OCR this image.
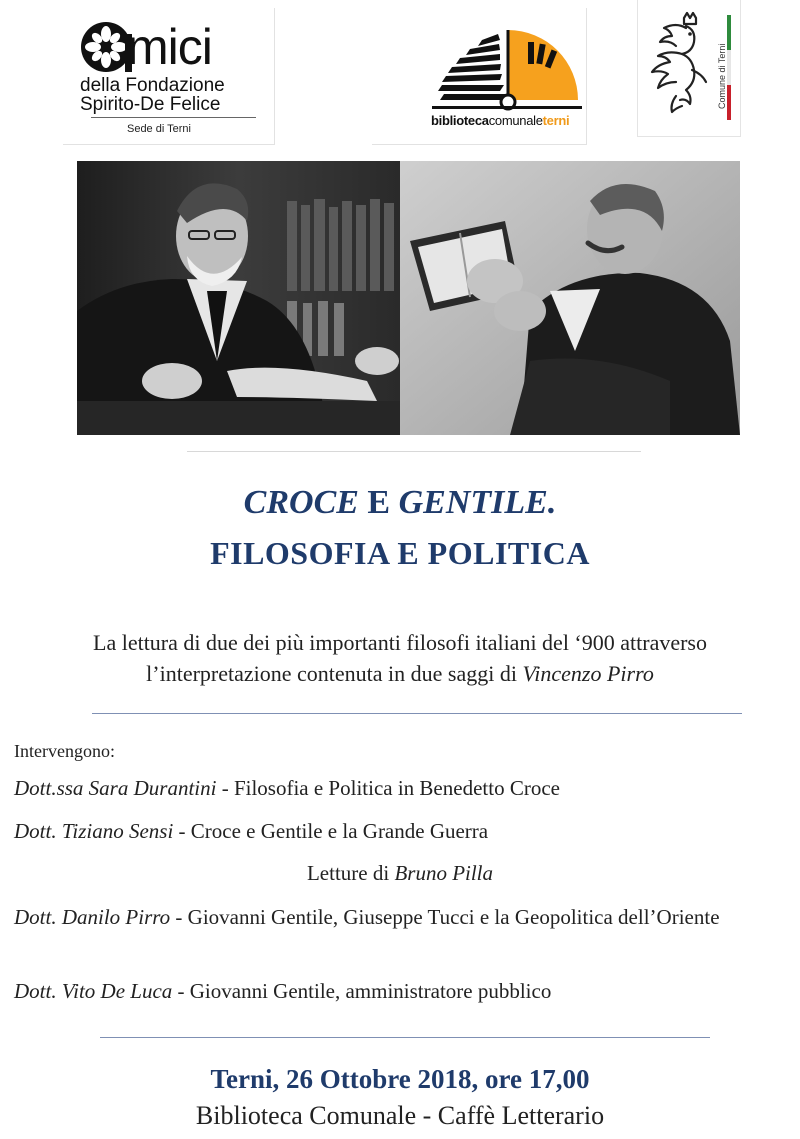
mici
della Fondazione
Spirito-De Felice
Sede di Terni
bibliotecacomunaleterni
Comune di Terni
CROCE E GENTILE.
FILOSOFIA E POLITICA

La lettura di due dei più importanti filosofi italiani del ‘900 attraverso

l’interpretazione contenuta in due saggi di Vincenzo Pirro

Intervengono:
Dott.ssa Sara Durantini - Filosofia e Politica in Benedetto Croce
Dott. Tiziano Sensi - Croce e Gentile e la Grande Guerra
Letture di Bruno Pilla
Dott. Danilo Pirro - Giovanni Gentile, Giuseppe Tucci e la Geopolitica dell’Oriente
Dott. Vito De Luca - Giovanni Gentile, amministratore pubblico
Terni, 26 Ottobre 2018, ore 17,00
Biblioteca Comunale - Caffè Letterario
